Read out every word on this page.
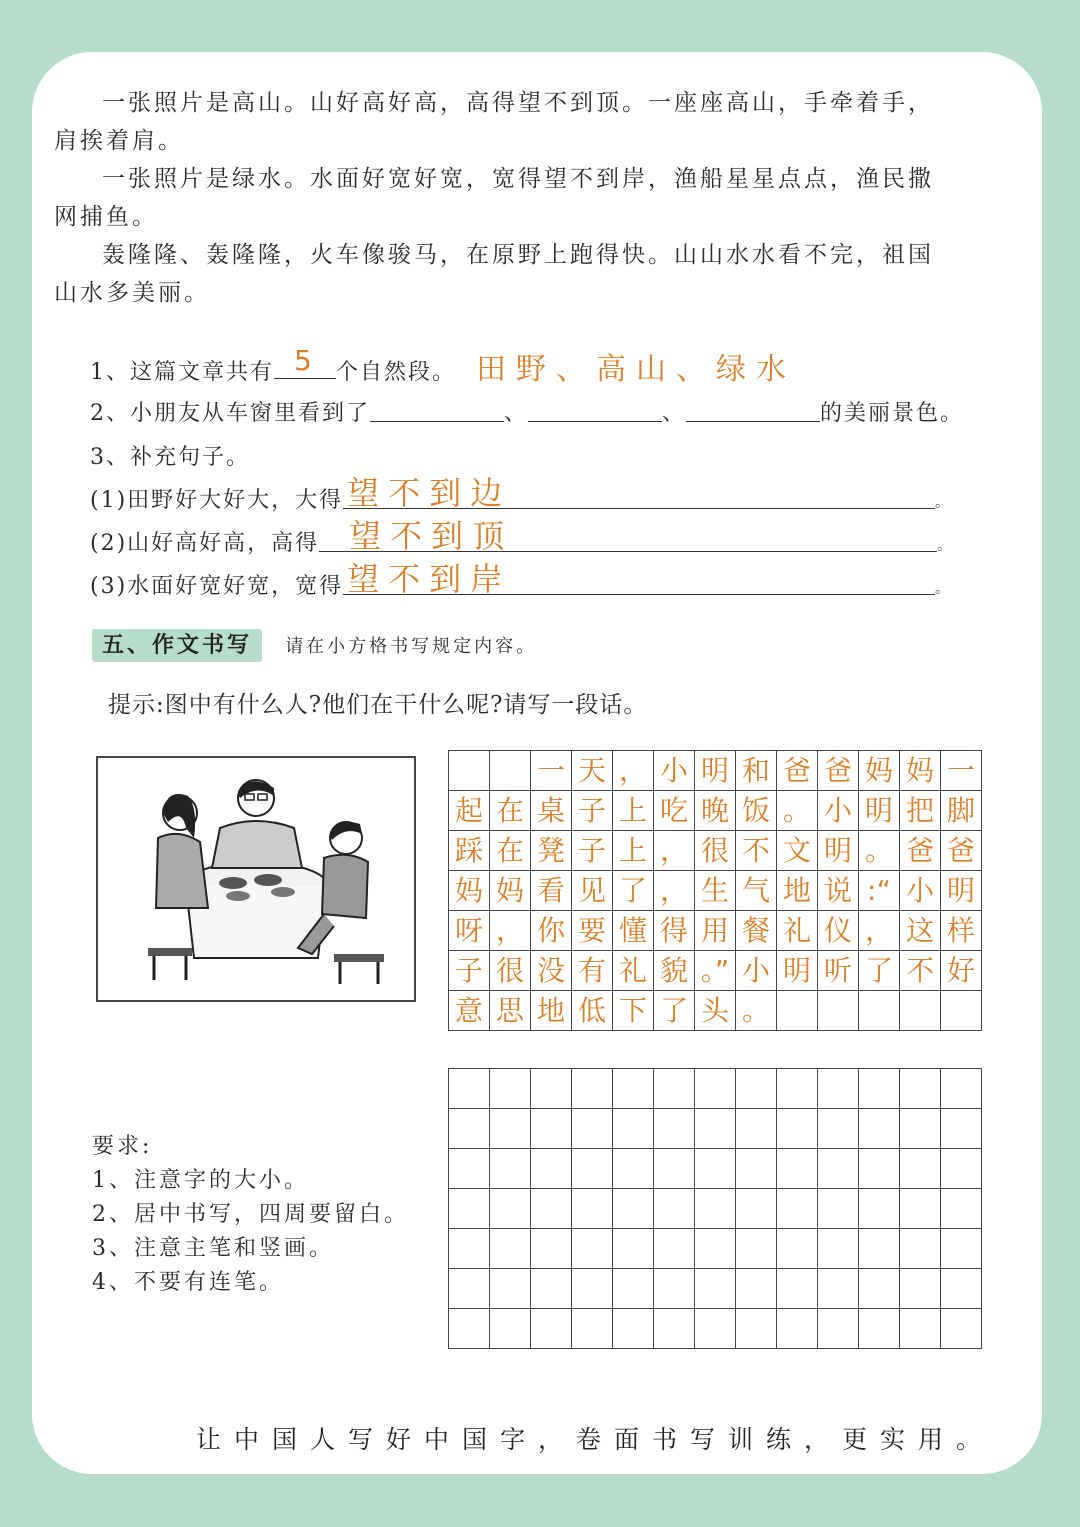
一张照片是高山。山好高好高，高得望不到顶。一座座高山，手牵着手，

肩挨着肩。

一张照片是绿水。水面好宽好宽，宽得望不到岸，渔船星星点点，渔民撒

网捕鱼。

轰隆隆、轰隆隆，火车像骏马，在原野上跑得快。山山水水看不完，祖国

山水多美丽。

1、这篇文章共有 5 个自然段。 田野、高山、绿水
2、小朋友从车窗里看到了	、	、	的美丽景色。
3、补充句子。
(1)田野好大好大，大得 望不到边	。
(2)山好高好高，高得 望不到顶	。
(3)水面好宽好宽，宽得 望不到岸	。
五、作文书写 请在小方格书写规定内容。
提示:图中有什么人?他们在干什么呢?请写一段话。
		一	天	，	小	明	和	爸	爸	妈	妈	一
起	在	桌	子	上	吃	晚	饭	。	小	明	把	脚
踩	在	凳	子	上	，	很	不	文	明	。	爸	爸
妈	妈	看	见	了	，	生	气	地	说	:“	小	明
呀	，	你	要	懂	得	用	餐	礼	仪	，	这	样
子	很	没	有	礼	貌	。”	小	明	听	了	不	好
意	思	地	低	下	了	头	。					

要求:
1、注意字的大小。
2、居中书写，四周要留白。
3、注意主笔和竖画。
4、不要有连笔。
让中国人写好中国字，卷面书写训练，更实用。
